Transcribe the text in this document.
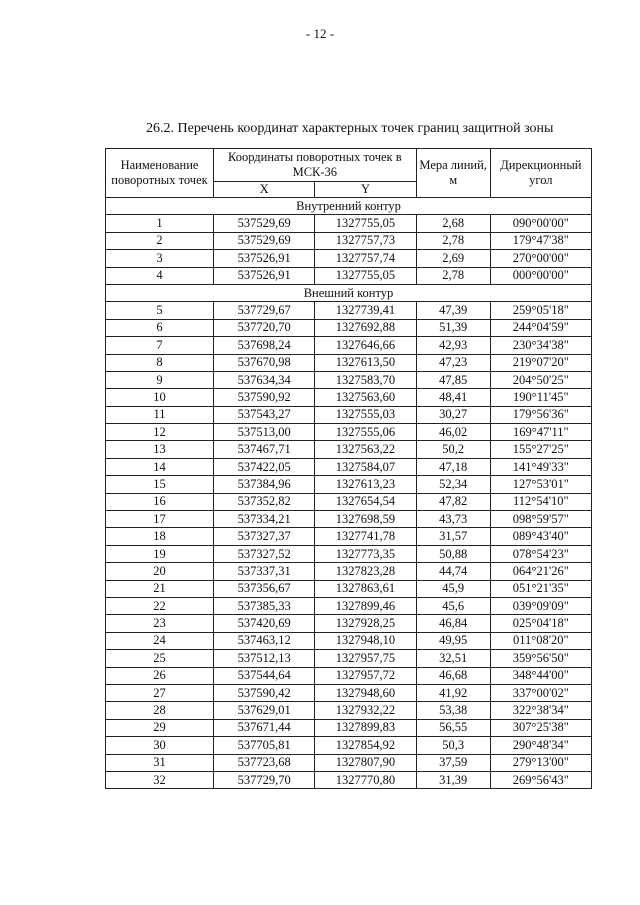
- 12 -
26.2. Перечень координат характерных точек границ защитной зоны
Наименование поворотных точек	Координаты поворотных точек в МСК-36		Мера линий, м	Дирекционный угол
	X	Y		
Внутренний контур				
1	537529,69	1327755,05	2,68	090°00'00"
2	537529,69	1327757,73	2,78	179°47'38"
3	537526,91	1327757,74	2,69	270°00'00"
4	537526,91	1327755,05	2,78	000°00'00"
Внешний контур				
5	537729,67	1327739,41	47,39	259°05'18"
6	537720,70	1327692,88	51,39	244°04'59"
7	537698,24	1327646,66	42,93	230°34'38"
8	537670,98	1327613,50	47,23	219°07'20"
9	537634,34	1327583,70	47,85	204°50'25"
10	537590,92	1327563,60	48,41	190°11'45"
11	537543,27	1327555,03	30,27	179°56'36"
12	537513,00	1327555,06	46,02	169°47'11"
13	537467,71	1327563,22	50,2	155°27'25"
14	537422,05	1327584,07	47,18	141°49'33"
15	537384,96	1327613,23	52,34	127°53'01"
16	537352,82	1327654,54	47,82	112°54'10"
17	537334,21	1327698,59	43,73	098°59'57"
18	537327,37	1327741,78	31,57	089°43'40"
19	537327,52	1327773,35	50,88	078°54'23"
20	537337,31	1327823,28	44,74	064°21'26"
21	537356,67	1327863,61	45,9	051°21'35"
22	537385,33	1327899,46	45,6	039°09'09"
23	537420,69	1327928,25	46,84	025°04'18"
24	537463,12	1327948,10	49,95	011°08'20"
25	537512,13	1327957,75	32,51	359°56'50"
26	537544,64	1327957,72	46,68	348°44'00"
27	537590,42	1327948,60	41,92	337°00'02"
28	537629,01	1327932,22	53,38	322°38'34"
29	537671,44	1327899,83	56,55	307°25'38"
30	537705,81	1327854,92	50,3	290°48'34"
31	537723,68	1327807,90	37,59	279°13'00"
32	537729,70	1327770,80	31,39	269°56'43"
